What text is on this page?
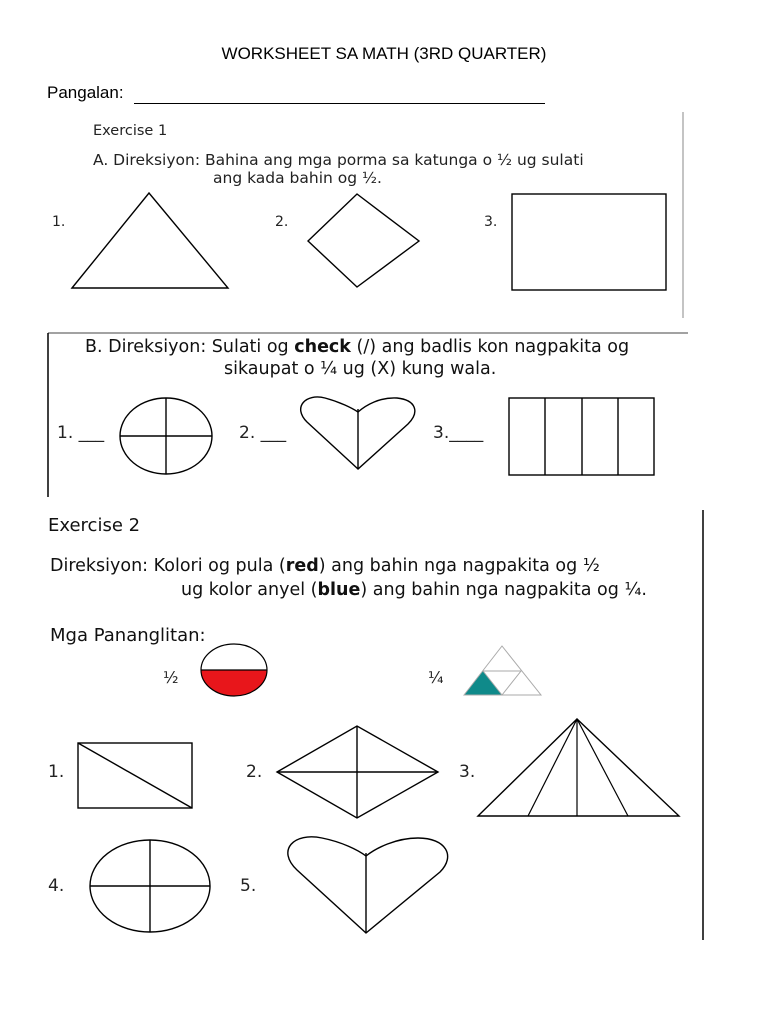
WORKSHEET SA MATH (3RD QUARTER)
Pangalan:
Exercise 1
A. Direksiyon: Bahina ang mga porma sa katunga o ½ ug sulati
ang kada bahin og ½.
1.	2.	3.
B. Direksiyon: Sulati og check (/) ang badlis kon nagpakita og
sikaupat o ¼ ug (X) kung wala.
1. ___	2. ___	3.____
Exercise 2
Direksiyon: Kolori og pula (red) ang bahin nga nagpakita og ½
ug kolor anyel (blue) ang bahin nga nagpakita og ¼.
Mga Pananglitan:
½	¼
1.	2.	3.
4.	5.
